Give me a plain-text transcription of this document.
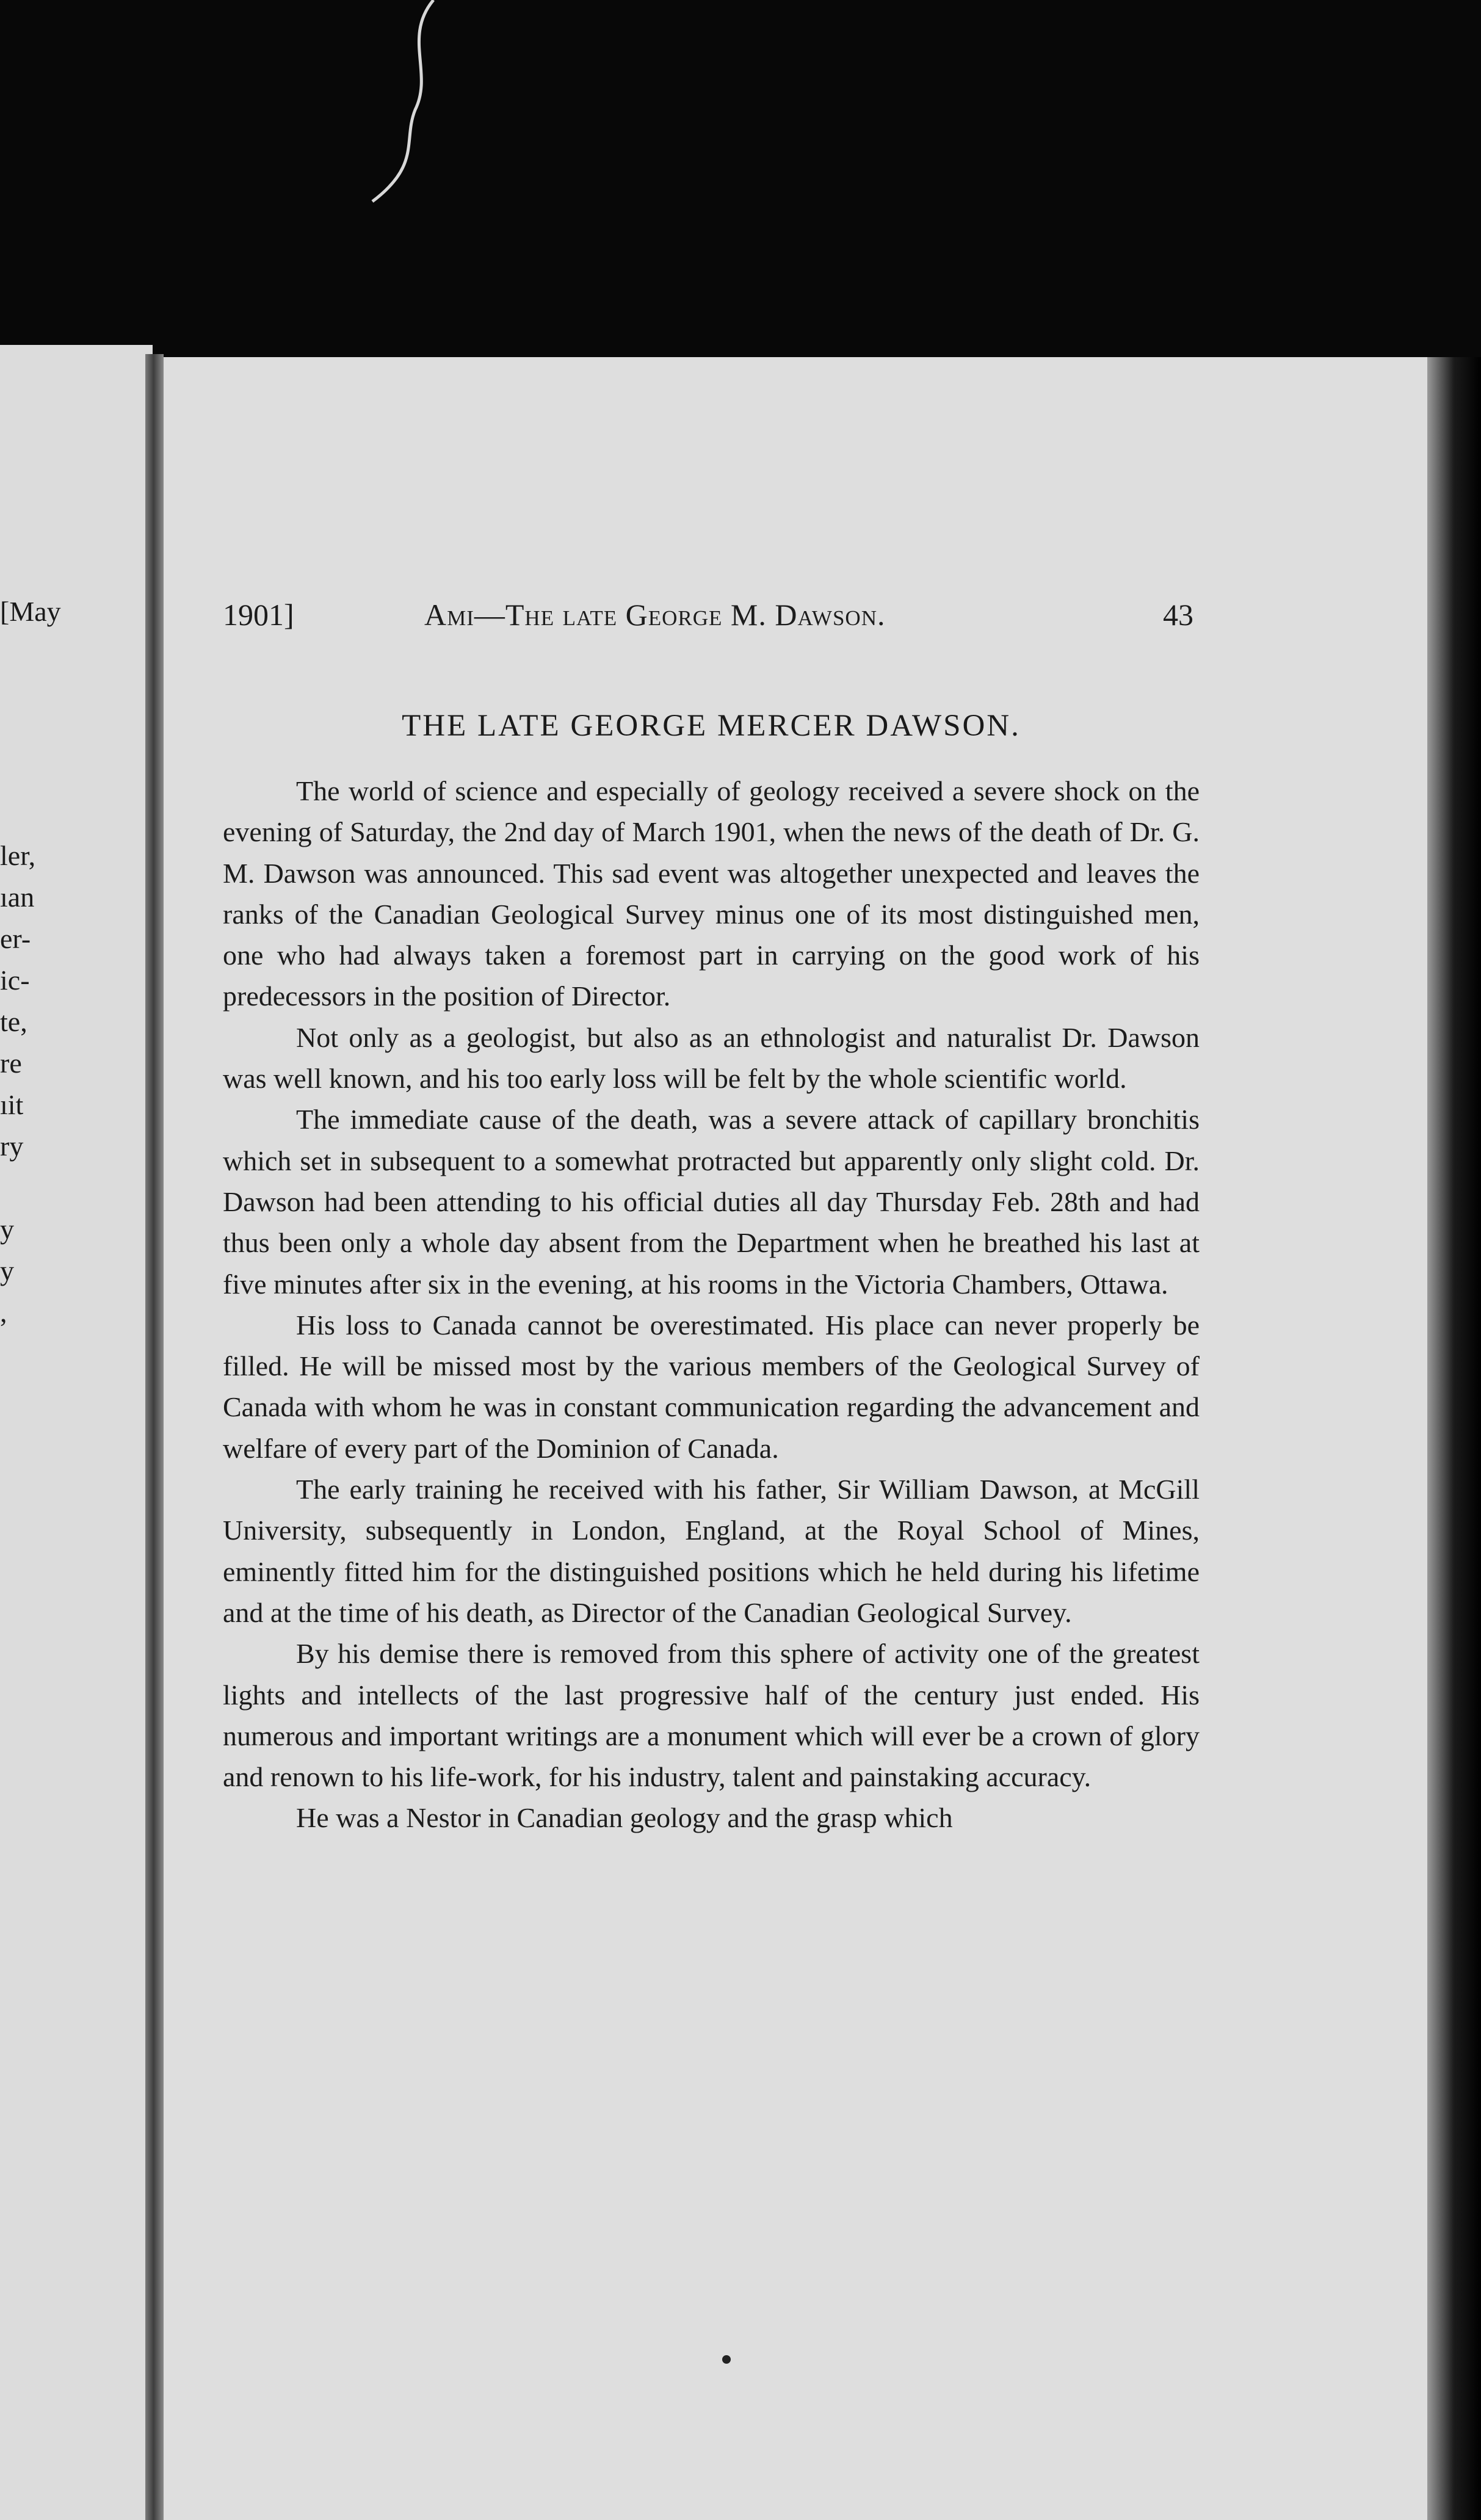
[May
ler,
ıan
er-
ic-
te,
re
ıit
ry
y
y
,
1901]	Ami—The late George M. Dawson.	43
THE LATE GEORGE MERCER DAWSON.

The world of science and especially of geology received a severe shock on the evening of Saturday, the 2nd day of March 1901, when the news of the death of Dr. G. M. Dawson was announced. This sad event was altogether unexpected and leaves the ranks of the Canadian Geological Survey minus one of its most distinguished men, one who had always taken a foremost part in carrying on the good work of his predecessors in the position of Director.

Not only as a geologist, but also as an ethnologist and naturalist Dr. Dawson was well known, and his too early loss will be felt by the whole scientific world.

The immediate cause of the death, was a severe attack of capillary bronchitis which set in subsequent to a somewhat protracted but apparently only slight cold. Dr. Dawson had been attending to his official duties all day Thursday Feb. 28th and had thus been only a whole day absent from the Department when he breathed his last at five minutes after six in the evening, at his rooms in the Victoria Chambers, Ottawa.

His loss to Canada cannot be overestimated. His place can never properly be filled. He will be missed most by the various members of the Geological Survey of Canada with whom he was in constant communication regarding the advancement and welfare of every part of the Dominion of Canada.

The early training he received with his father, Sir William Dawson, at McGill University, subsequently in London, England, at the Royal School of Mines, eminently fitted him for the distinguished positions which he held during his lifetime and at the time of his death, as Director of the Canadian Geological Survey.

By his demise there is removed from this sphere of activity one of the greatest lights and intellects of the last progressive half of the century just ended. His numerous and important writings are a monument which will ever be a crown of glory and renown to his life-work, for his industry, talent and painstaking accuracy.

He was a Nestor in Canadian geology and the grasp which
